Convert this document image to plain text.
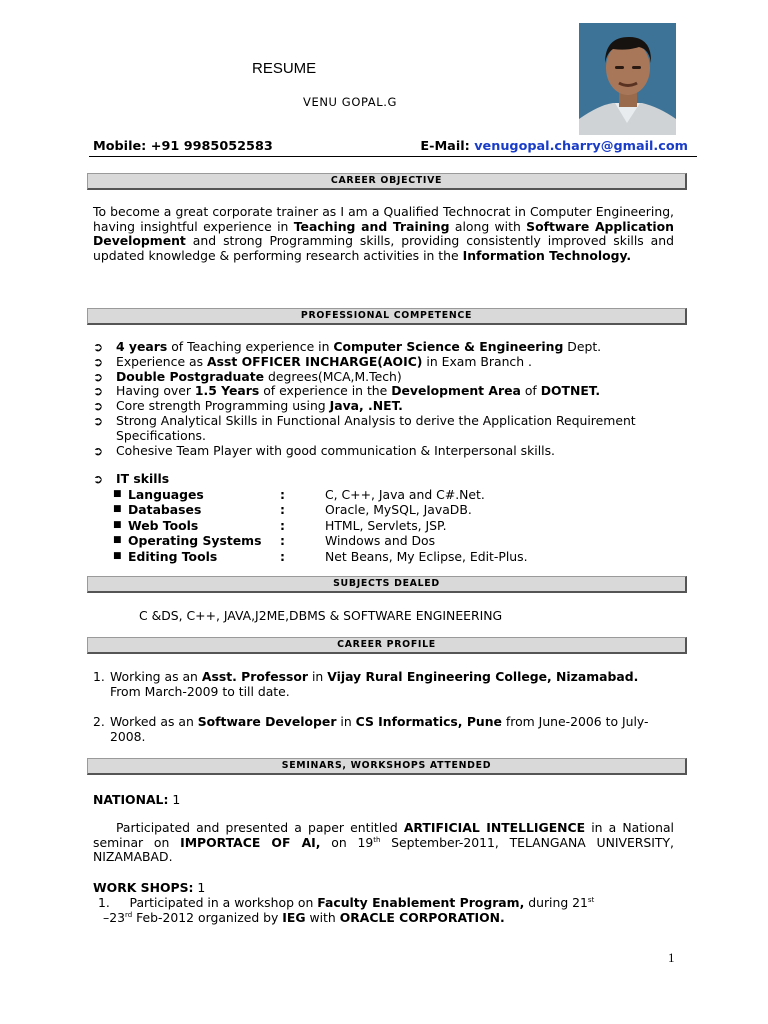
RESUME
VENU GOPAL.G
Mobile: +91 9985052583	E-Mail: venugopal.charry@gmail.com
CAREER OBJECTIVE
To become a great corporate trainer as I am a Qualified Technocrat in Computer Engineering, having insightful experience in Teaching and Training along with Software Application Development and strong Programming skills, providing consistently improved skills and updated knowledge & performing research activities in the Information Technology.
PROFESSIONAL COMPETENCE
➲ 4 years of Teaching experience in Computer Science & Engineering Dept.
➲ Experience as Asst OFFICER INCHARGE(AOIC) in Exam Branch .
➲ Double Postgraduate degrees(MCA,M.Tech)
➲ Having over 1.5 Years of experience in the Development Area of DOTNET.
➲ Core strength Programming using Java, .NET.
➲ Strong Analytical Skills in Functional Analysis to derive the Application Requirement Specifications.
➲ Cohesive Team Player with good communication & Interpersonal skills.
➲ IT skills
■ Languages	:	C, C++, Java and C#.Net.
■ Databases	:	Oracle, MySQL, JavaDB.
■ Web Tools	:	HTML, Servlets, JSP.
■ Operating Systems :	Windows and Dos
■ Editing Tools	:	Net Beans, My Eclipse, Edit-Plus.
SUBJECTS DEALED
C &DS, C++, JAVA,J2ME,DBMS & SOFTWARE ENGINEERING
CAREER PROFILE
1. Working as an Asst. Professor in Vijay Rural Engineering College, Nizamabad.
From March-2009 to till date.
2. Worked as an Software Developer in CS Informatics, Pune from June-2006 to July-2008.
SEMINARS, WORKSHOPS ATTENDED
NATIONAL: 1
Participated and presented a paper entitled ARTIFICIAL INTELLIGENCE in a National seminar on IMPORTACE OF AI, on 19th September-2011, TELANGANA UNIVERSITY, NIZAMABAD.
WORK SHOPS: 1
1. Participated in a workshop on Faculty Enablement Program, during 21st
–23rd Feb-2012 organized by IEG with ORACLE CORPORATION.
1
